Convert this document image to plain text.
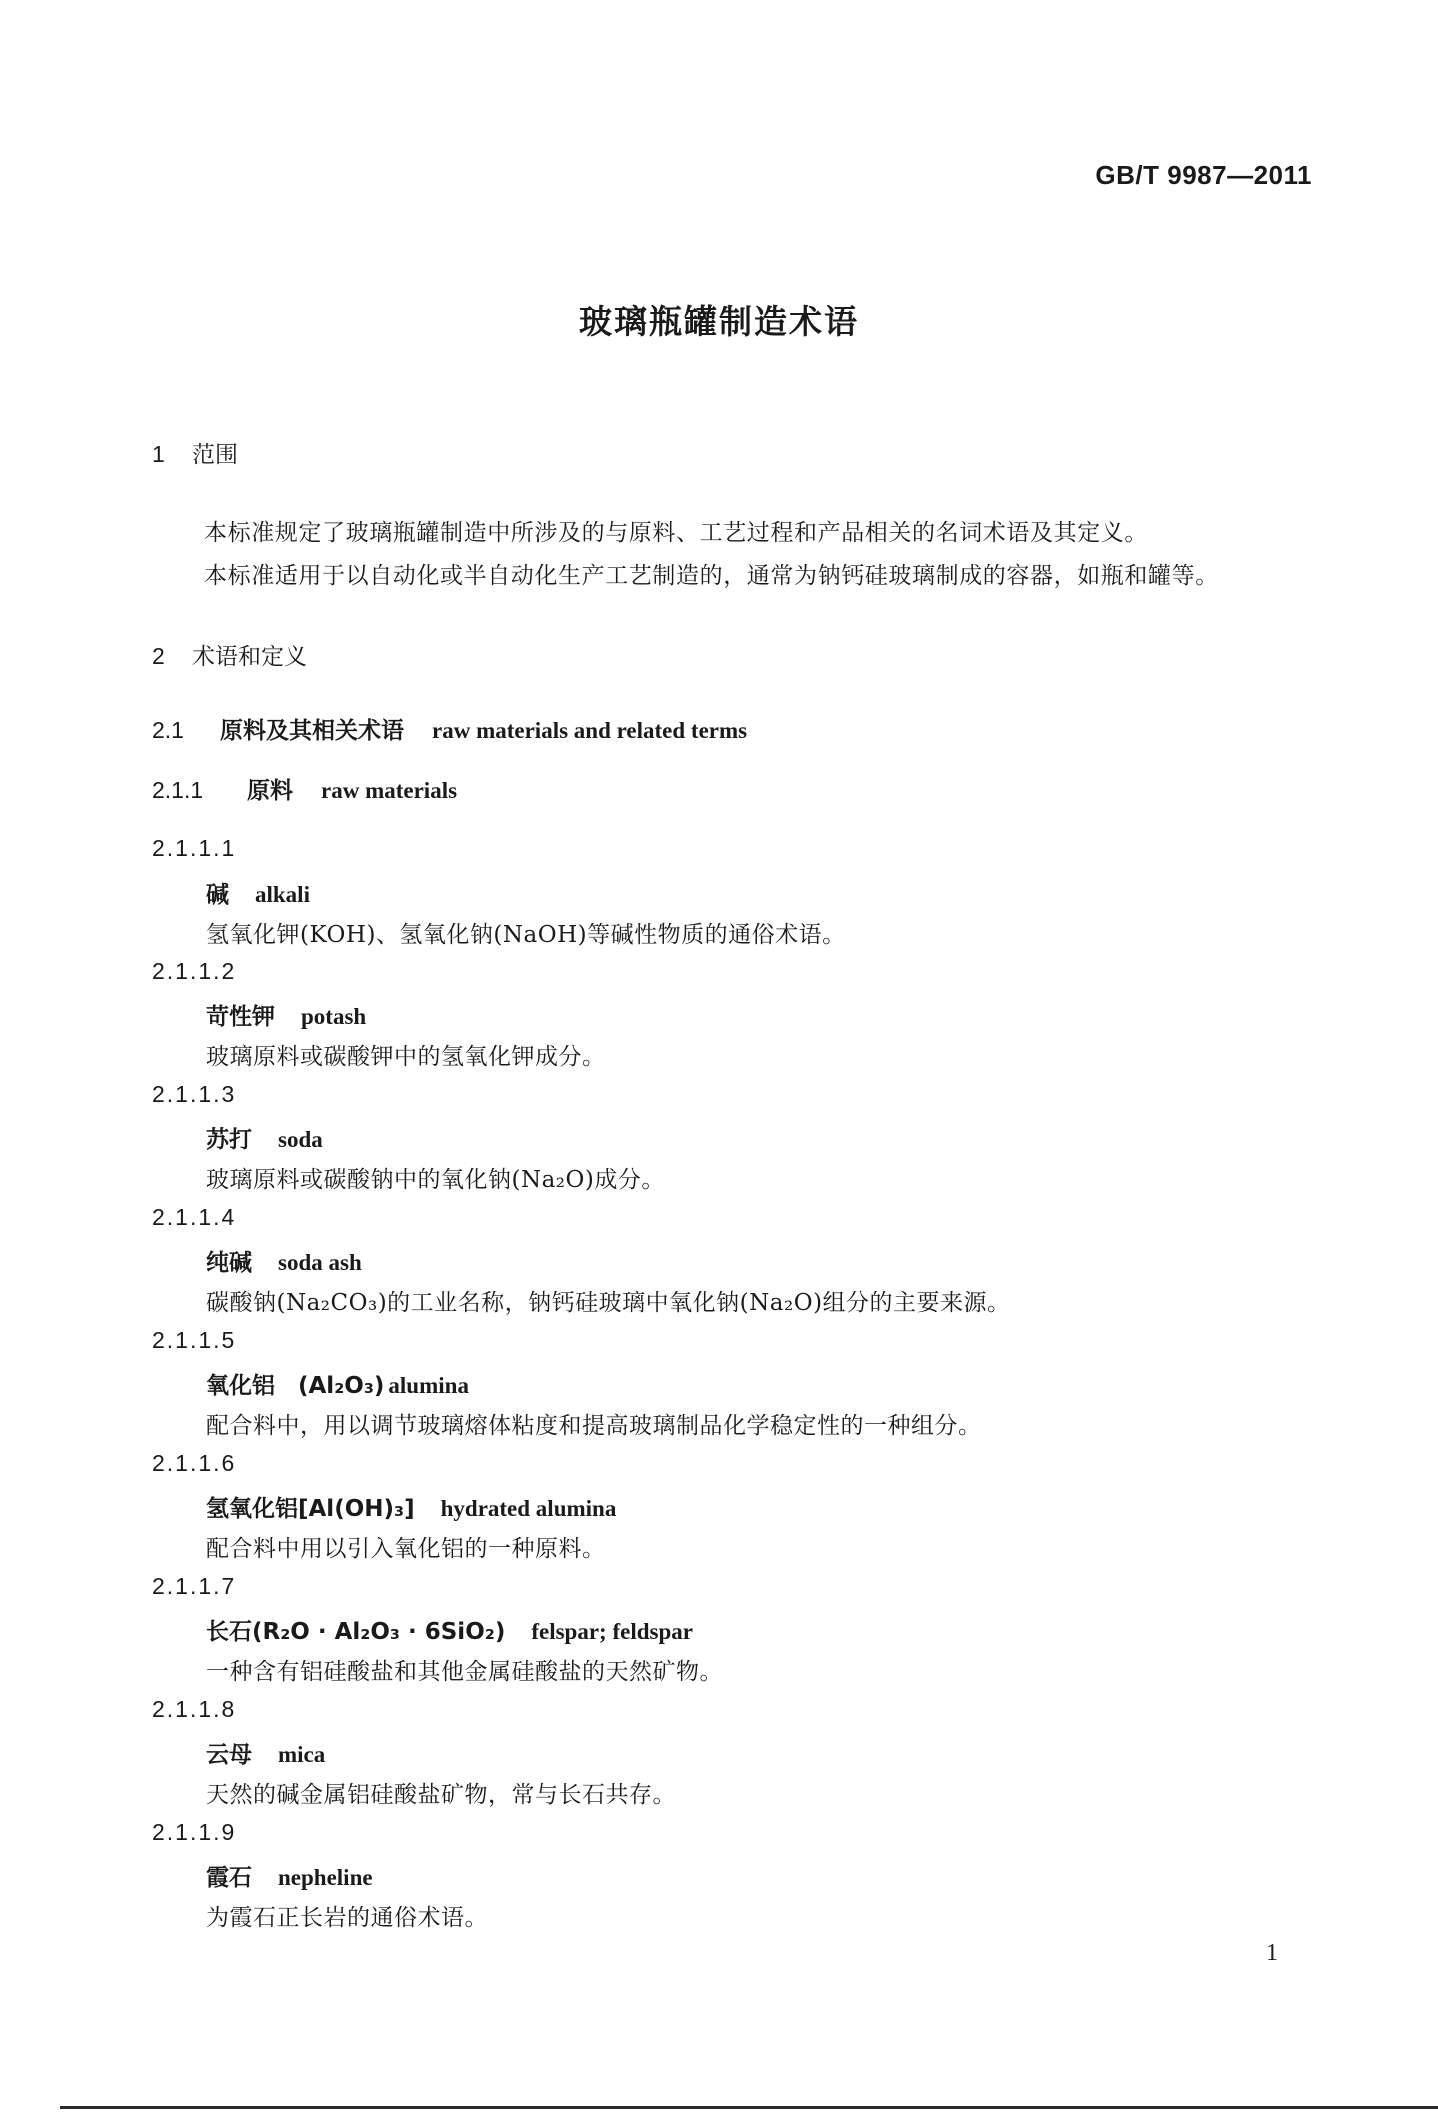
GB/T 9987—2011
玻璃瓶罐制造术语
1 范围
本标准规定了玻璃瓶罐制造中所涉及的与原料、工艺过程和产品相关的名词术语及其定义。
本标准适用于以自动化或半自动化生产工艺制造的，通常为钠钙硅玻璃制成的容器，如瓶和罐等。
2 术语和定义
2.1 原料及其相关术语 raw materials and related terms
2.1.1 原料 raw materials
2.1.1.1
碱 alkali
氢氧化钾(KOH)、氢氧化钠(NaOH)等碱性物质的通俗术语。
2.1.1.2
苛性钾 potash
玻璃原料或碳酸钾中的氢氧化钾成分。
2.1.1.3
苏打 soda
玻璃原料或碳酸钠中的氧化钠(Na₂O)成分。
2.1.1.4
纯碱 soda ash
碳酸钠(Na₂CO₃)的工业名称，钠钙硅玻璃中氧化钠(Na₂O)组分的主要来源。
2.1.1.5
氧化铝　(Al₂O₃) alumina
配合料中，用以调节玻璃熔体粘度和提高玻璃制品化学稳定性的一种组分。
2.1.1.6
氢氧化铝[Al(OH)₃] hydrated alumina
配合料中用以引入氧化铝的一种原料。
2.1.1.7
长石(R₂O · Al₂O₃ · 6SiO₂) felspar; feldspar
一种含有铝硅酸盐和其他金属硅酸盐的天然矿物。
2.1.1.8
云母 mica
天然的碱金属铝硅酸盐矿物，常与长石共存。
2.1.1.9
霞石 nepheline
为霞石正长岩的通俗术语。
1
